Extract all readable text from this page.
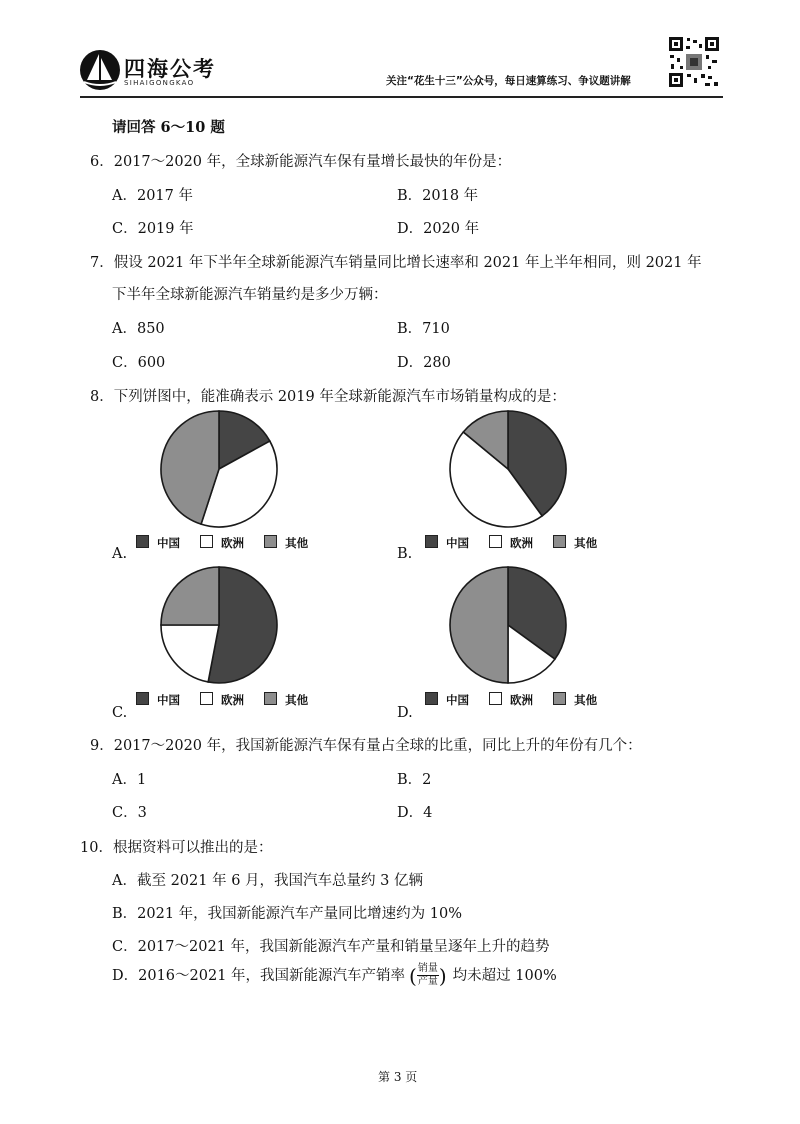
四海公考
SIHAIGONGKAO	关注“花生十三”公众号，每日速算练习、争议题讲解
请回答 6～10 题
6．2017～2020 年，全球新能源汽车保有量增长最快的年份是：
A．2017 年	B．2018 年
C．2019 年	D．2020 年
7．假设 2021 年下半年全球新能源汽车销量同比增长速率和 2021 年上半年相同，则 2021 年
下半年全球新能源汽车销量约是多少万辆：
A．850	B．710
C．600	D．280
8．下列饼图中，能准确表示 2019 年全球新能源汽车市场销量构成的是：
A.	B.
C.	D.
中国	欧洲	其他	中国	欧洲	其他
中国	欧洲	其他	中国	欧洲	其他
9．2017～2020 年，我国新能源汽车保有量占全球的比重，同比上升的年份有几个：
A．1	B．2
C．3	D．4
10．根据资料可以推出的是：
A．截至 2021 年 6 月，我国汽车总量约 3 亿辆
B．2021 年，我国新能源汽车产量同比增速约为 10%
C．2017～2021 年，我国新能源汽车产量和销量呈逐年上升的趋势
D．2016～2021 年，我国新能源汽车产销率 ( 销量
产量 ) 均未超过 100%
第 3 页
